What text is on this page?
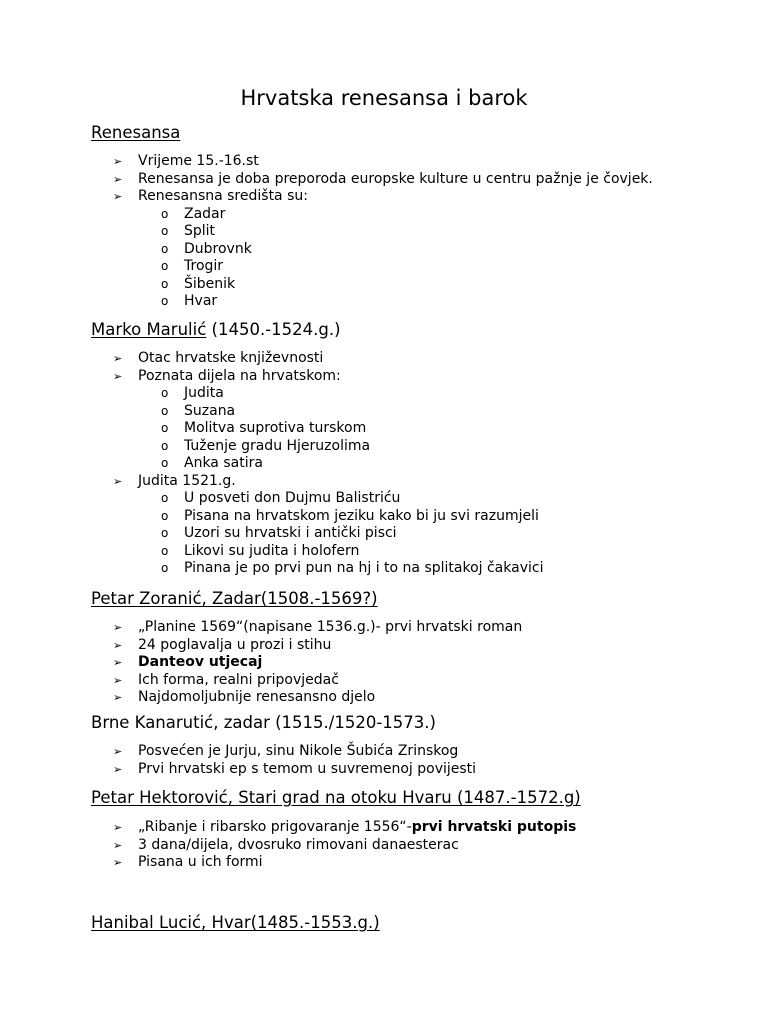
Hrvatska renesansa i barok
Renesansa
➢ Vrijeme 15.-16.st
➢ Renesansa je doba preporoda europske kulture u centru pažnje je čovjek.
➢ Renesansna središta su:
o Zadar
o Split
o Dubrovnk
o Trogir
o Šibenik
o Hvar
Marko Marulić (1450.-1524.g.)
➢ Otac hrvatske književnosti
➢ Poznata dijela na hrvatskom:
o Judita
o Suzana
o Molitva suprotiva turskom
o Tuženje gradu Hjeruzolima
o Anka satira
➢ Judita 1521.g.
o U posveti don Dujmu Balistriću
o Pisana na hrvatskom jeziku kako bi ju svi razumjeli
o Uzori su hrvatski i antički pisci
o Likovi su judita i holofern
o Pinana je po prvi pun na hj i to na splitakoj čakavici
Petar Zoranić, Zadar(1508.-1569?)
➢ „Planine 1569“(napisane 1536.g.)- prvi hrvatski roman
➢ 24 poglavalja u prozi i stihu
➢ Danteov utjecaj
➢ Ich forma, realni pripovjedač
➢ Najdomoljubnije renesansno djelo
Brne Kanarutić, zadar (1515./1520-1573.)
➢ Posvećen je Jurju, sinu Nikole Šubića Zrinskog
➢ Prvi hrvatski ep s temom u suvremenoj povijesti
Petar Hektorović, Stari grad na otoku Hvaru (1487.-1572.g)
➢ „Ribanje i ribarsko prigovaranje 1556“-prvi hrvatski putopis
➢ 3 dana/dijela, dvosruko rimovani danaesterac
➢ Pisana u ich formi
Hanibal Lucić, Hvar(1485.-1553.g.)
